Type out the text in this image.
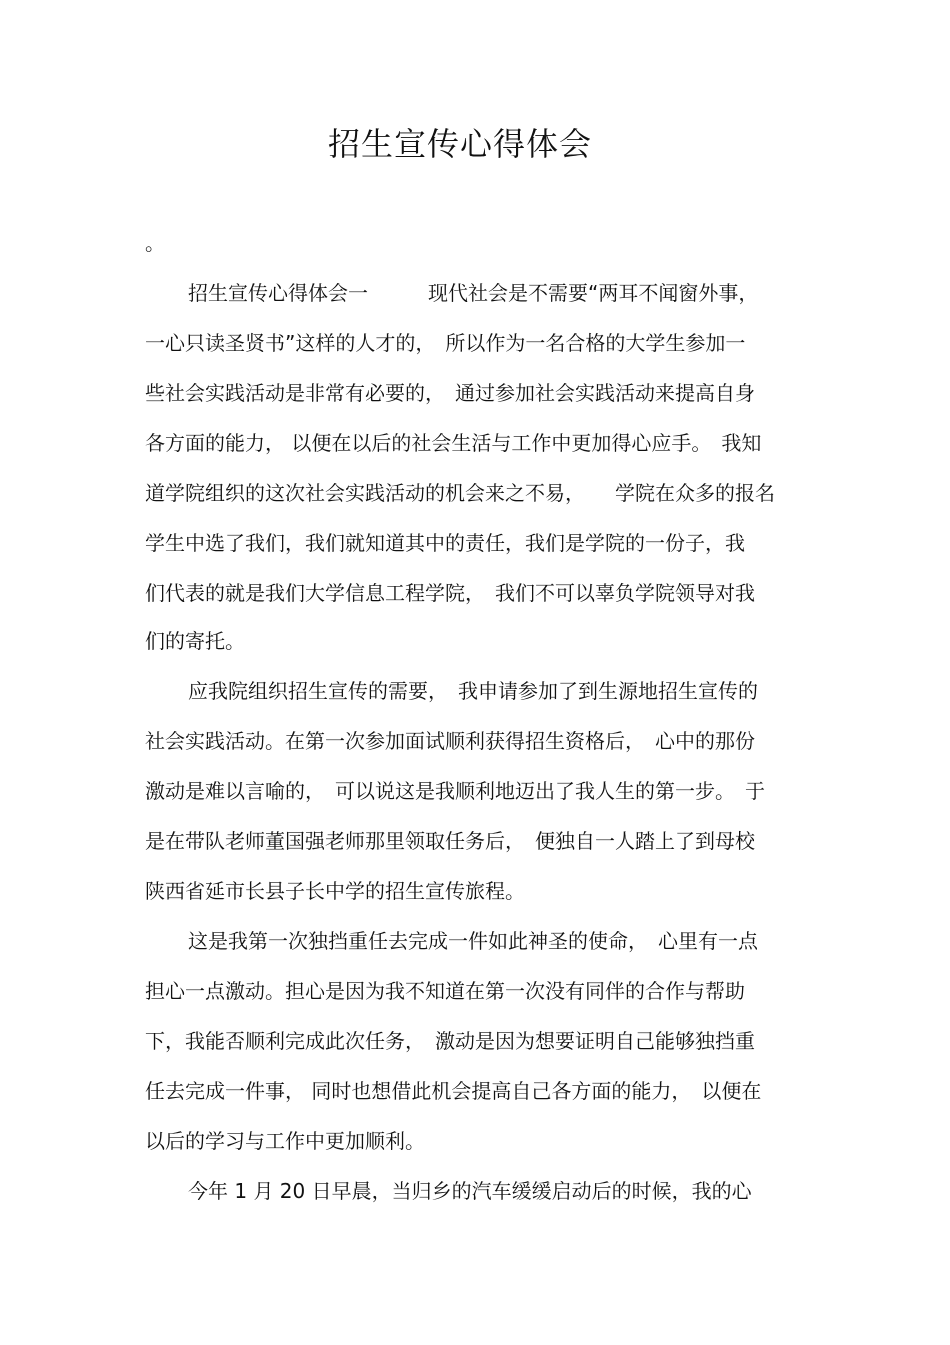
招生宣传心得体会
。
招生宣传心得体会一　　　现代社会是不需要“两耳不闻窗外事，
一心只读圣贤书”这样的人才的，　所以作为一名合格的大学生参加一
些社会实践活动是非常有必要的，　通过参加社会实践活动来提高自身
各方面的能力， 以便在以后的社会生活与工作中更加得心应手。　我知
道学院组织的这次社会实践活动的机会来之不易，　　学院在众多的报名
学生中选了我们，我们就知道其中的责任，我们是学院的一份子，我
们代表的就是我们大学信息工程学院，　我们不可以辜负学院领导对我
们的寄托。
应我院组织招生宣传的需要，　我申请参加了到生源地招生宣传的
社会实践活动。在第一次参加面试顺利获得招生资格后，　心中的那份
激动是难以言喻的，　可以说这是我顺利地迈出了我人生的第一步。　于
是在带队老师董国强老师那里领取任务后，　便独自一人踏上了到母校
陕西省延市长县子长中学的招生宣传旅程。
这是我第一次独挡重任去完成一件如此神圣的使命，　心里有一点
担心一点激动。担心是因为我不知道在第一次没有同伴的合作与帮助
下，我能否顺利完成此次任务，　激动是因为想要证明自己能够独挡重
任去完成一件事， 同时也想借此机会提高自己各方面的能力，　以便在
以后的学习与工作中更加顺利。
今年 1 月 20 日早晨，当归乡的汽车缓缓启动后的时候，我的心
